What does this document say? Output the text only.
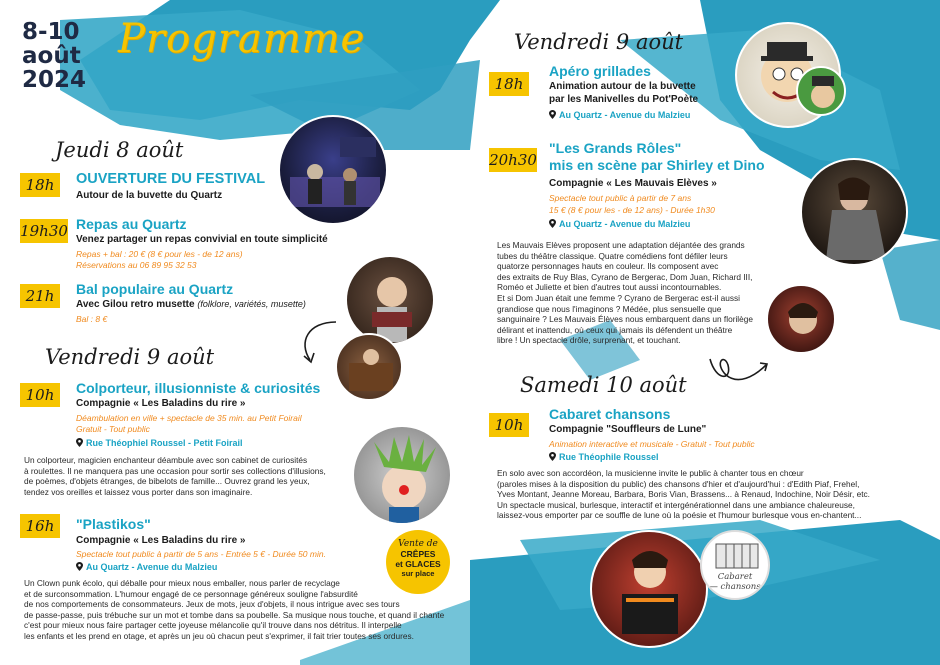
8-10
août
2024
Programme
Jeudi 8 août
18h	OUVERTURE DU FESTIVAL
Autour de la buvette du Quartz
19h30 Repas au Quartz
Venez partager un repas convivial en toute simplicité
Repas + bal : 20 € (8 € pour les - de 12 ans)
Réservations au 06 89 95 32 53
21h	Bal populaire au Quartz
Avec Gilou retro musette (folklore, variétés, musette)
Bal : 8 €
Vendredi 9 août
10h	Colporteur, illusionniste & curiosités
Compagnie « Les Baladins du rire »
Déambulation en ville + spectacle de 35 min. au Petit Foirail
Gratuit - Tout public
Rue Théophiel Roussel - Petit Foirail
Un colporteur, magicien enchanteur déambule avec son cabinet de curiosités
à roulettes. Il ne manquera pas une occasion pour sortir ses collections d'illusions,
de poèmes, d'objets étranges, de bibelots de famille... Ouvrez grand les yeux,
tendez vos oreilles et laissez vous porter dans son imaginaire.
16h	"Plastikos"
Compagnie « Les Baladins du rire »
Spectacle tout public à partir de 5 ans - Entrée 5 € - Durée 50 min.
Au Quartz - Avenue du Malzieu
Un Clown punk écolo, qui déballe pour mieux nous emballer, nous parler de recyclage
et de surconsommation. L'humour engagé de ce personnage généreux souligne l'absurdité
de nos comportements de consommateurs. Jeux de mots, jeux d'objets, il nous intrigue avec ses tours
de passe-passe, puis trébuche sur un mot et tombe dans sa poubelle. Sa musique nous touche, et quand il chante
c'est pour mieux nous faire partager cette joyeuse mélancolie qu'il trouve dans nos détritus. Il interpelle
les enfants et les prend en otage, et après un jeu où chacun peut s'exprimer, il fait trier toutes ses ordures.
Vente de
CRÊPES
et GLACES
sur place
Vendredi 9 août
18h
Apéro grillades
Animation autour de la buvette
par les Manivelles du Pot'Poète
Au Quartz - Avenue du Malzieu
20h30
"Les Grands Rôles"
mis en scène par Shirley et Dino
Compagnie « Les Mauvais Elèves »
Spectacle tout public à partir de 7 ans
15 € (8 € pour les - de 12 ans) - Durée 1h30
Au Quartz - Avenue du Malzieu
Les Mauvais Elèves proposent une adaptation déjantée des grands
tubes du théâtre classique. Quatre comédiens font défiler leurs
quatorze personnages hauts en couleur. Ils composent avec
des extraits de Ruy Blas, Cyrano de Bergerac, Dom Juan, Richard III,
Roméo et Juliette et bien d'autres tout aussi incontournables.
Et si Dom Juan était une femme ? Cyrano de Bergerac est-il aussi
grandiose que nous l'imaginons ? Médée, plus sensuelle que
sanguinaire ? Les Mauvais Élèves nous embarquent dans un florilège
délirant et inattendu, où ceux qui jamais ils défendent un théâtre
libre ! Un spectacle drôle, surprenant, et touchant.
Samedi 10 août
10h
Cabaret chansons
Compagnie "Souffleurs de Lune"
Animation interactive et musicale - Gratuit - Tout public
Rue Théophile Roussel
En solo avec son accordéon, la musicienne invite le public à chanter tous en chœur
(paroles mises à la disposition du public) des chansons d'hier et d'aujourd'hui : d'Edith Piaf, Frehel,
Yves Montant, Jeanne Moreau, Barbara, Boris Vian, Brassens... à Renaud, Indochine, Noir Désir, etc.
Un spectacle musical, burlesque, interactif et intergénérationnel dans une ambiance chaleureuse,
laissez-vous emporter par ce souffle de lune où la poésie et l'humour burlesque vous en-chantent...
Cabaret
— chansons
